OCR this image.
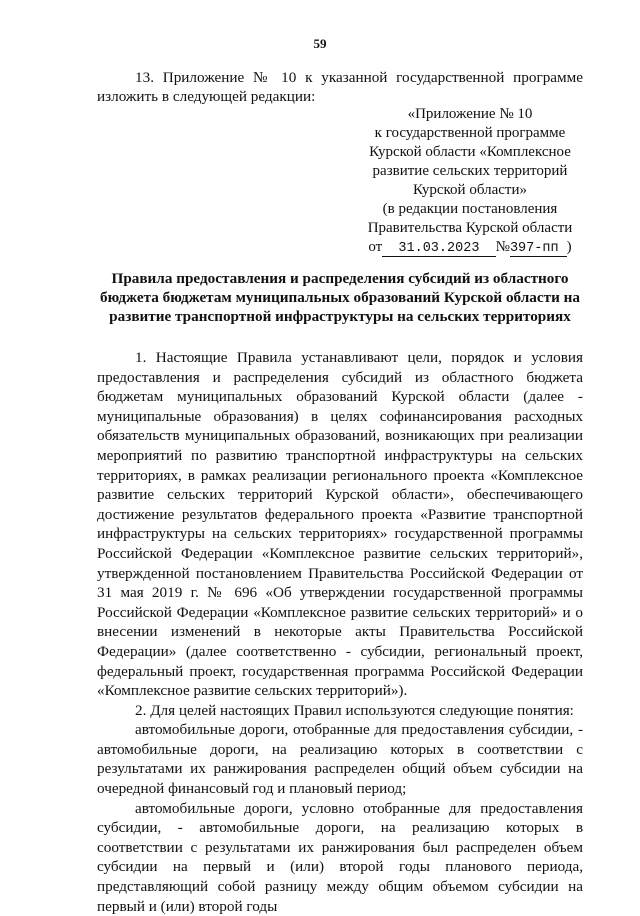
59
13. Приложение № 10 к указанной государственной программе изложить в следующей редакции:
«Приложение № 10
к государственной программе
Курской области «Комплексное
развитие сельских территорий
Курской области»
(в редакции постановления
Правительства Курской области
от 31.03.2023 №397-пп )
Правила предоставления и распределения субсидий из областного бюджета бюджетам муниципальных образований Курской области на развитие транспортной инфраструктуры на сельских территориях

1. Настоящие Правила устанавливают цели, порядок и условия предоставления и распределения субсидий из областного бюджета бюджетам муниципальных образований Курской области (далее - муниципальные образования) в целях софинансирования расходных обязательств муниципальных образований, возникающих при реализации мероприятий по развитию транспортной инфраструктуры на сельских территориях, в рамках реализации регионального проекта «Комплексное развитие сельских территорий Курской области», обеспечивающего достижение результатов федерального проекта «Развитие транспортной инфраструктуры на сельских территориях» государственной программы Российской Федерации «Комплексное развитие сельских территорий», утвержденной постановлением Правительства Российской Федерации от 31 мая 2019 г. № 696 «Об утверждении государственной программы Российской Федерации «Комплексное развитие сельских территорий» и о внесении изменений в некоторые акты Правительства Российской Федерации» (далее соответственно - субсидии, региональный проект, федеральный проект, государственная программа Российской Федерации «Комплексное развитие сельских территорий»).

2. Для целей настоящих Правил используются следующие понятия:

автомобильные дороги, отобранные для предоставления субсидии, - автомобильные дороги, на реализацию которых в соответствии с результатами их ранжирования распределен общий объем субсидии на очередной финансовый год и плановый период;

автомобильные дороги, условно отобранные для предоставления субсидии, - автомобильные дороги, на реализацию которых в соответствии с результатами их ранжирования был распределен объем субсидии на первый и (или) второй годы планового периода, представляющий собой разницу между общим объемом субсидии на первый и (или) второй годы
